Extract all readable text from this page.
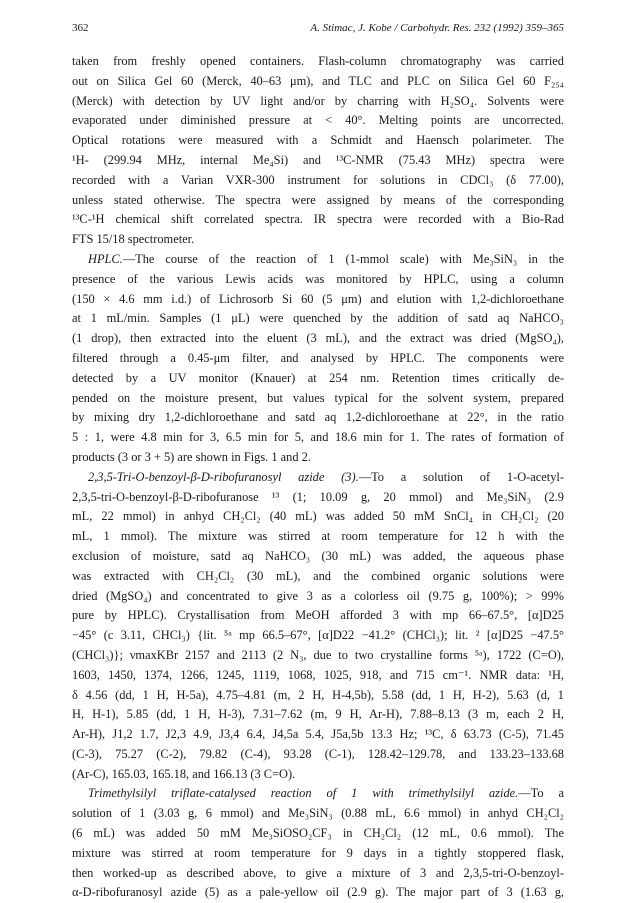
362	A. Stimac, J. Kobe / Carbohydr. Res. 232 (1992) 359–365
taken from freshly opened containers. Flash-column chromatography was carried
out on Silica Gel 60 (Merck, 40–63 μm), and TLC and PLC on Silica Gel 60 F₂₅₄
(Merck) with detection by UV light and/or by charring with H₂SO₄. Solvents were
evaporated under diminished pressure at < 40°. Melting points are uncorrected.
Optical rotations were measured with a Schmidt and Haensch polarimeter. The
¹H- (299.94 MHz, internal Me₄Si) and ¹³C-NMR (75.43 MHz) spectra were
recorded with a Varian VXR-300 instrument for solutions in CDCl₃ (δ 77.00),
unless stated otherwise. The spectra were assigned by means of the corresponding
¹³C-¹H chemical shift correlated spectra. IR spectra were recorded with a Bio-Rad
FTS 15/18 spectrometer.
HPLC.—The course of the reaction of 1 (1-mmol scale) with Me₃SiN₃ in the
presence of the various Lewis acids was monitored by HPLC, using a column
(150 × 4.6 mm i.d.) of Lichrosorb Si 60 (5 μm) and elution with 1,2-dichloroethane
at 1 mL/min. Samples (1 μL) were quenched by the addition of satd aq NaHCO₃
(1 drop), then extracted into the eluent (3 mL), and the extract was dried (MgSO₄),
filtered through a 0.45-μm filter, and analysed by HPLC. The components were
detected by a UV monitor (Knauer) at 254 nm. Retention times critically de-
pended on the moisture present, but values typical for the solvent system, prepared
by mixing dry 1,2-dichloroethane and satd aq 1,2-dichloroethane at 22°, in the ratio
5 : 1, were 4.8 min for 3, 6.5 min for 5, and 18.6 min for 1. The rates of formation of
products (3 or 3 + 5) are shown in Figs. 1 and 2.
2,3,5-Tri-O-benzoyl-β-D-ribofuranosyl azide (3).—To a solution of 1-O-acetyl-
2,3,5-tri-O-benzoyl-β-D-ribofuranose ¹³ (1; 10.09 g, 20 mmol) and Me₃SiN₃ (2.9
mL, 22 mmol) in anhyd CH₂Cl₂ (40 mL) was added 50 mM SnCl₄ in CH₂Cl₂ (20
mL, 1 mmol). The mixture was stirred at room temperature for 12 h with the
exclusion of moisture, satd aq NaHCO₃ (30 mL) was added, the aqueous phase
was extracted with CH₂Cl₂ (30 mL), and the combined organic solutions were
dried (MgSO₄) and concentrated to give 3 as a colorless oil (9.75 g, 100%); > 99%
pure by HPLC). Crystallisation from MeOH afforded 3 with mp 66–67.5°, [α]D25
−45° (c 3.11, CHCl₃) {lit. ⁵ᵃ mp 66.5–67°, [α]D22 −41.2° (CHCl₃); lit. ² [α]D25 −47.5°
(CHCl₃)}; νmaxKBr 2157 and 2113 (2 N₃, due to two crystalline forms ⁵ᵃ), 1722 (C=O),
1603, 1450, 1374, 1266, 1245, 1119, 1068, 1025, 918, and 715 cm⁻¹. NMR data: ¹H,
δ 4.56 (dd, 1 H, H-5a), 4.75–4.81 (m, 2 H, H-4,5b), 5.58 (dd, 1 H, H-2), 5.63 (d, 1
H, H-1), 5.85 (dd, 1 H, H-3), 7.31–7.62 (m, 9 H, Ar-H), 7.88–8.13 (3 m, each 2 H,
Ar-H), J1,2 1.7, J2,3 4.9, J3,4 6.4, J4,5a 5.4, J5a,5b 13.3 Hz; ¹³C, δ 63.73 (C-5), 71.45
(C-3), 75.27 (C-2), 79.82 (C-4), 93.28 (C-1), 128.42–129.78, and 133.23–133.68
(Ar-C), 165.03, 165.18, and 166.13 (3 C=O).
Trimethylsilyl triflate-catalysed reaction of 1 with trimethylsilyl azide.—To a
solution of 1 (3.03 g, 6 mmol) and Me₃SiN₃ (0.88 mL, 6.6 mmol) in anhyd CH₂Cl₂
(6 mL) was added 50 mM Me₃SiOSO₂CF₃ in CH₂Cl₂ (12 mL, 0.6 mmol). The
mixture was stirred at room temperature for 9 days in a tightly stoppered flask,
then worked-up as described above, to give a mixture of 3 and 2,3,5-tri-O-benzoyl-
α-D-ribofuranosyl azide (5) as a pale-yellow oil (2.9 g). The major part of 3 (1.63 g,
